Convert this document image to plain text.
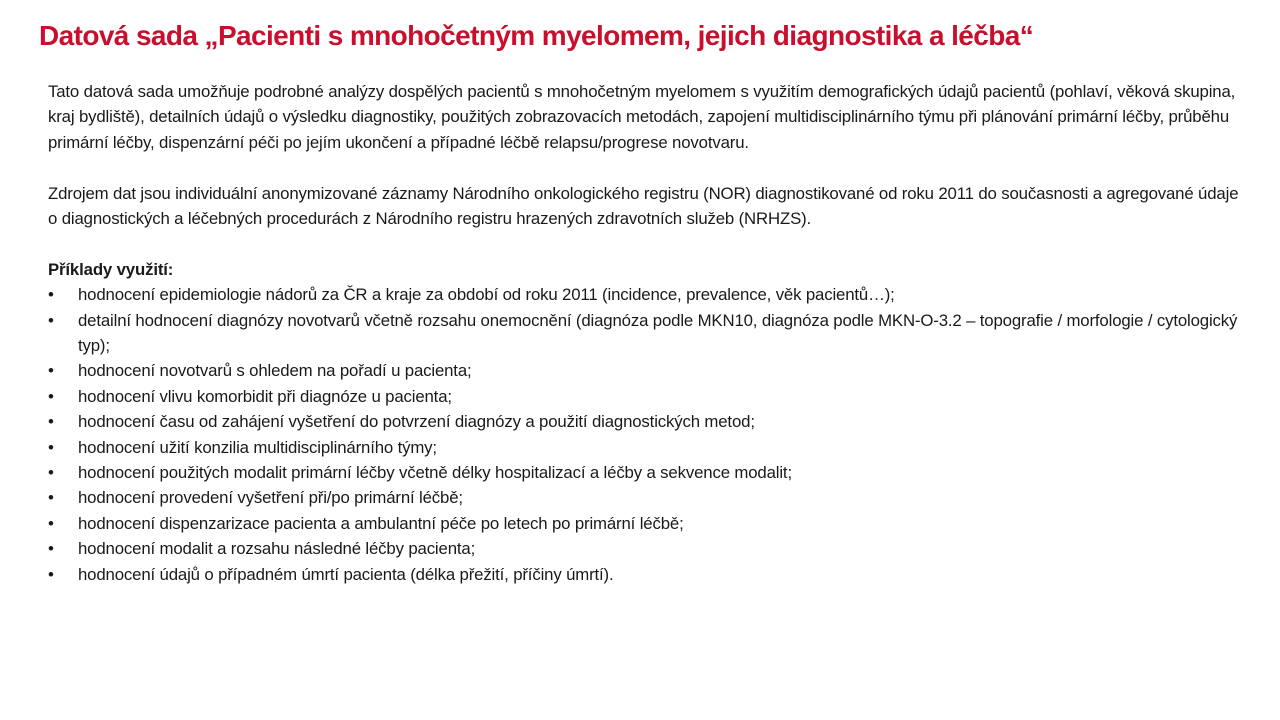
Datová sada „Pacienti s mnohočetným myelomem, jejich diagnostika a léčba“

Tato datová sada umožňuje podrobné analýzy dospělých pacientů s mnohočetným myelomem s využitím demografických údajů pacientů (pohlaví, věková skupina, kraj bydliště), detailních údajů o výsledku diagnostiky, použitých zobrazovacích metodách, zapojení multidisciplinárního týmu při plánování primární léčby, průběhu primární léčby, dispenzární péči po jejím ukončení a případné léčbě relapsu/progrese novotvaru.

Zdrojem dat jsou individuální anonymizované záznamy Národního onkologického registru (NOR) diagnostikované od roku 2011 do současnosti a agregované údaje o diagnostických a léčebných procedurách z Národního registru hrazených zdravotních služeb (NRHZS).

Příklady využití:

•	hodnocení epidemiologie nádorů za ČR a kraje za období od roku 2011 (incidence, prevalence, věk pacientů…);
•	detailní hodnocení diagnózy novotvarů včetně rozsahu onemocnění (diagnóza podle MKN10, diagnóza podle MKN-O-3.2 – topografie / morfologie / cytologický typ);
•	hodnocení novotvarů s ohledem na pořadí u pacienta;
•	hodnocení vlivu komorbidit při diagnóze u pacienta;
•	hodnocení času od zahájení vyšetření do potvrzení diagnózy a použití diagnostických metod;
•	hodnocení užití konzilia multidisciplinárního týmy;
•	hodnocení použitých modalit primární léčby včetně délky hospitalizací a léčby a sekvence modalit;
•	hodnocení provedení vyšetření při/po primární léčbě;
•	hodnocení dispenzarizace pacienta a ambulantní péče po letech po primární léčbě;
•	hodnocení modalit a rozsahu následné léčby pacienta;
•	hodnocení údajů o případném úmrtí pacienta (délka přežití, příčiny úmrtí).
